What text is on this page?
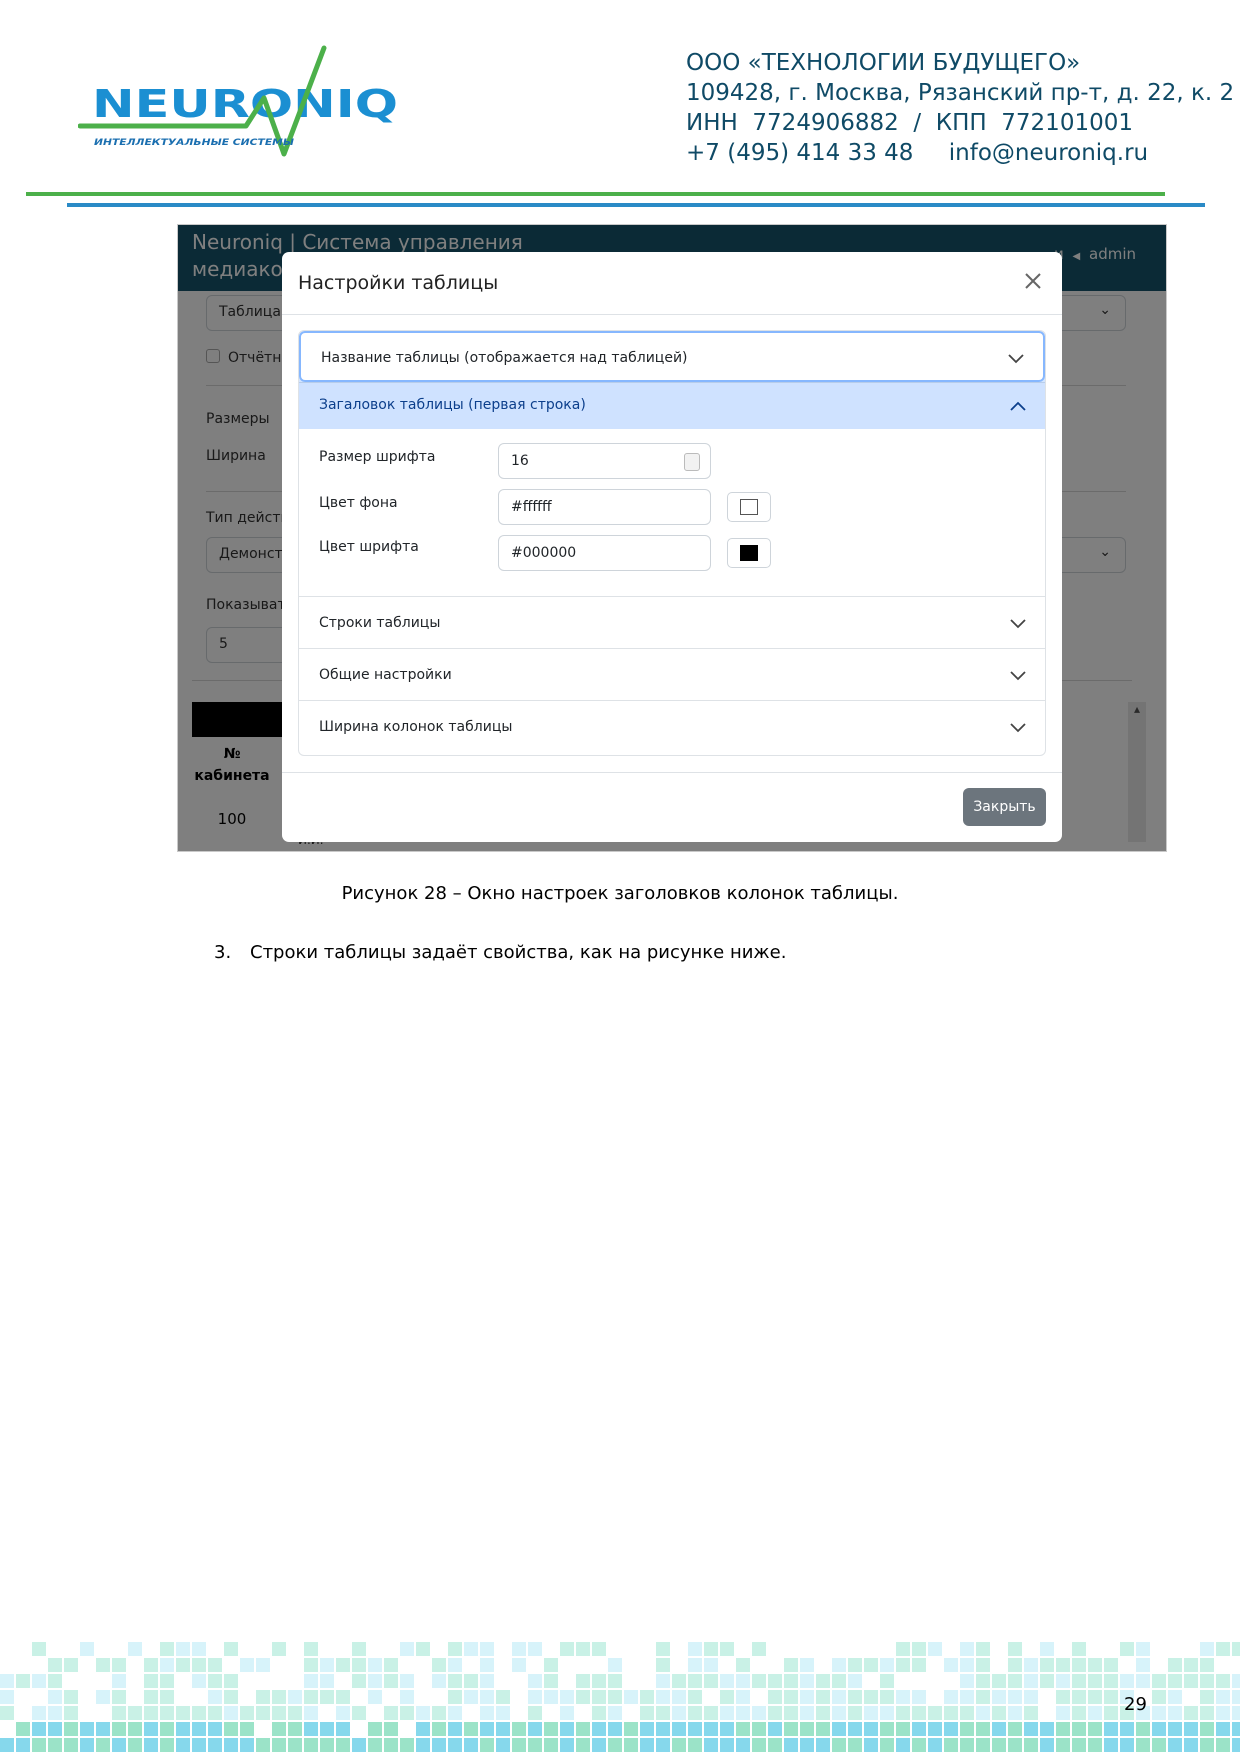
NEURONIQ
ИНТЕЛЛЕКТУАЛЬНЫЕ СИСТЕМЫ
ООО «ТЕХНОЛОГИИ БУДУЩЕГО»
109428, г. Москва, Рязанский пр-т, д. 22, к. 2
ИНН  7724906882  /  КПП  772101001
+7 (495) 414 33 48 info@neuroniq.ru
Настройки таблицы
Название таблицы (отображается над таблицей)
Загаловок таблицы (первая строка)
Размер шрифта	16
Цвет фона	#ffffff
Цвет шрифта	#000000
Строки таблицы
Общие настройки
Ширина колонок таблицы
Закрыть
Рисунок 28 – Окно настроек заголовков колонок таблицы.
3. Строки таблицы задаёт свойства, как на рисунке ниже.
29
